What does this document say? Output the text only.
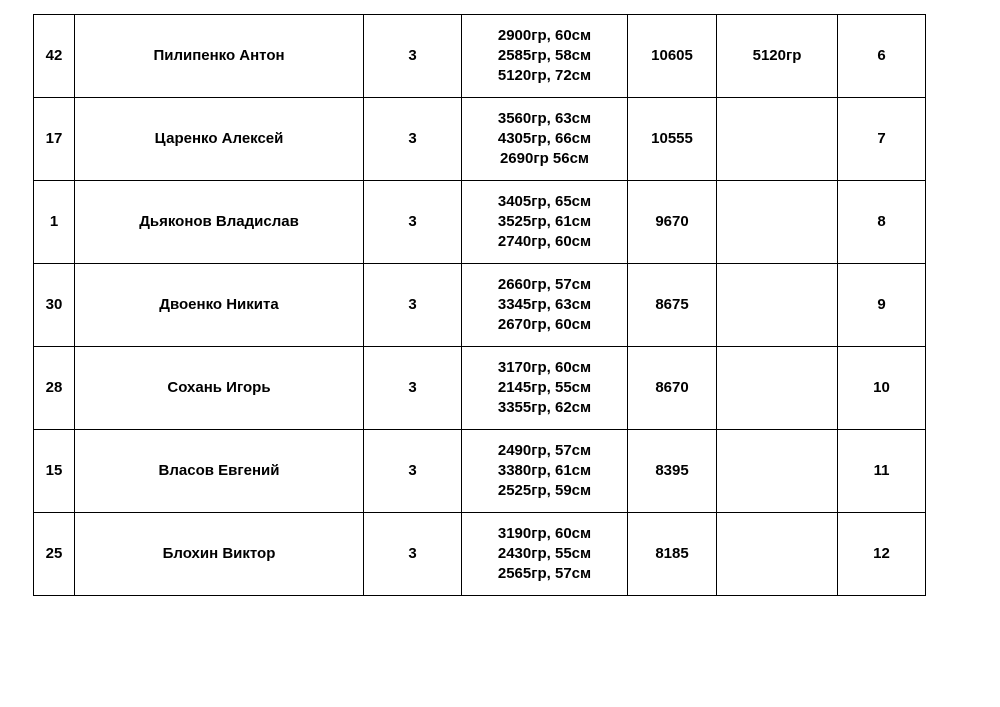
42	Пилипенко Антон	3	2900гр, 60см
2585гр, 58см
5120гр, 72см	10605	5120гр	6
17	Царенко Алексей	3	3560гр, 63см
4305гр, 66см
2690гр 56см	10555		7
1	Дьяконов Владислав	3	3405гр, 65см
3525гр, 61см
2740гр, 60см	9670		8
30	Двоенко Никита	3	2660гр, 57см
3345гр, 63см
2670гр, 60см	8675		9
28	Сохань Игорь	3	3170гр, 60см
2145гр, 55см
3355гр, 62см	8670		10
15	Власов Евгений	3	2490гр, 57см
3380гр, 61см
2525гр, 59см	8395		11
25	Блохин Виктор	3	3190гр, 60см
2430гр, 55см
2565гр, 57см	8185		12
